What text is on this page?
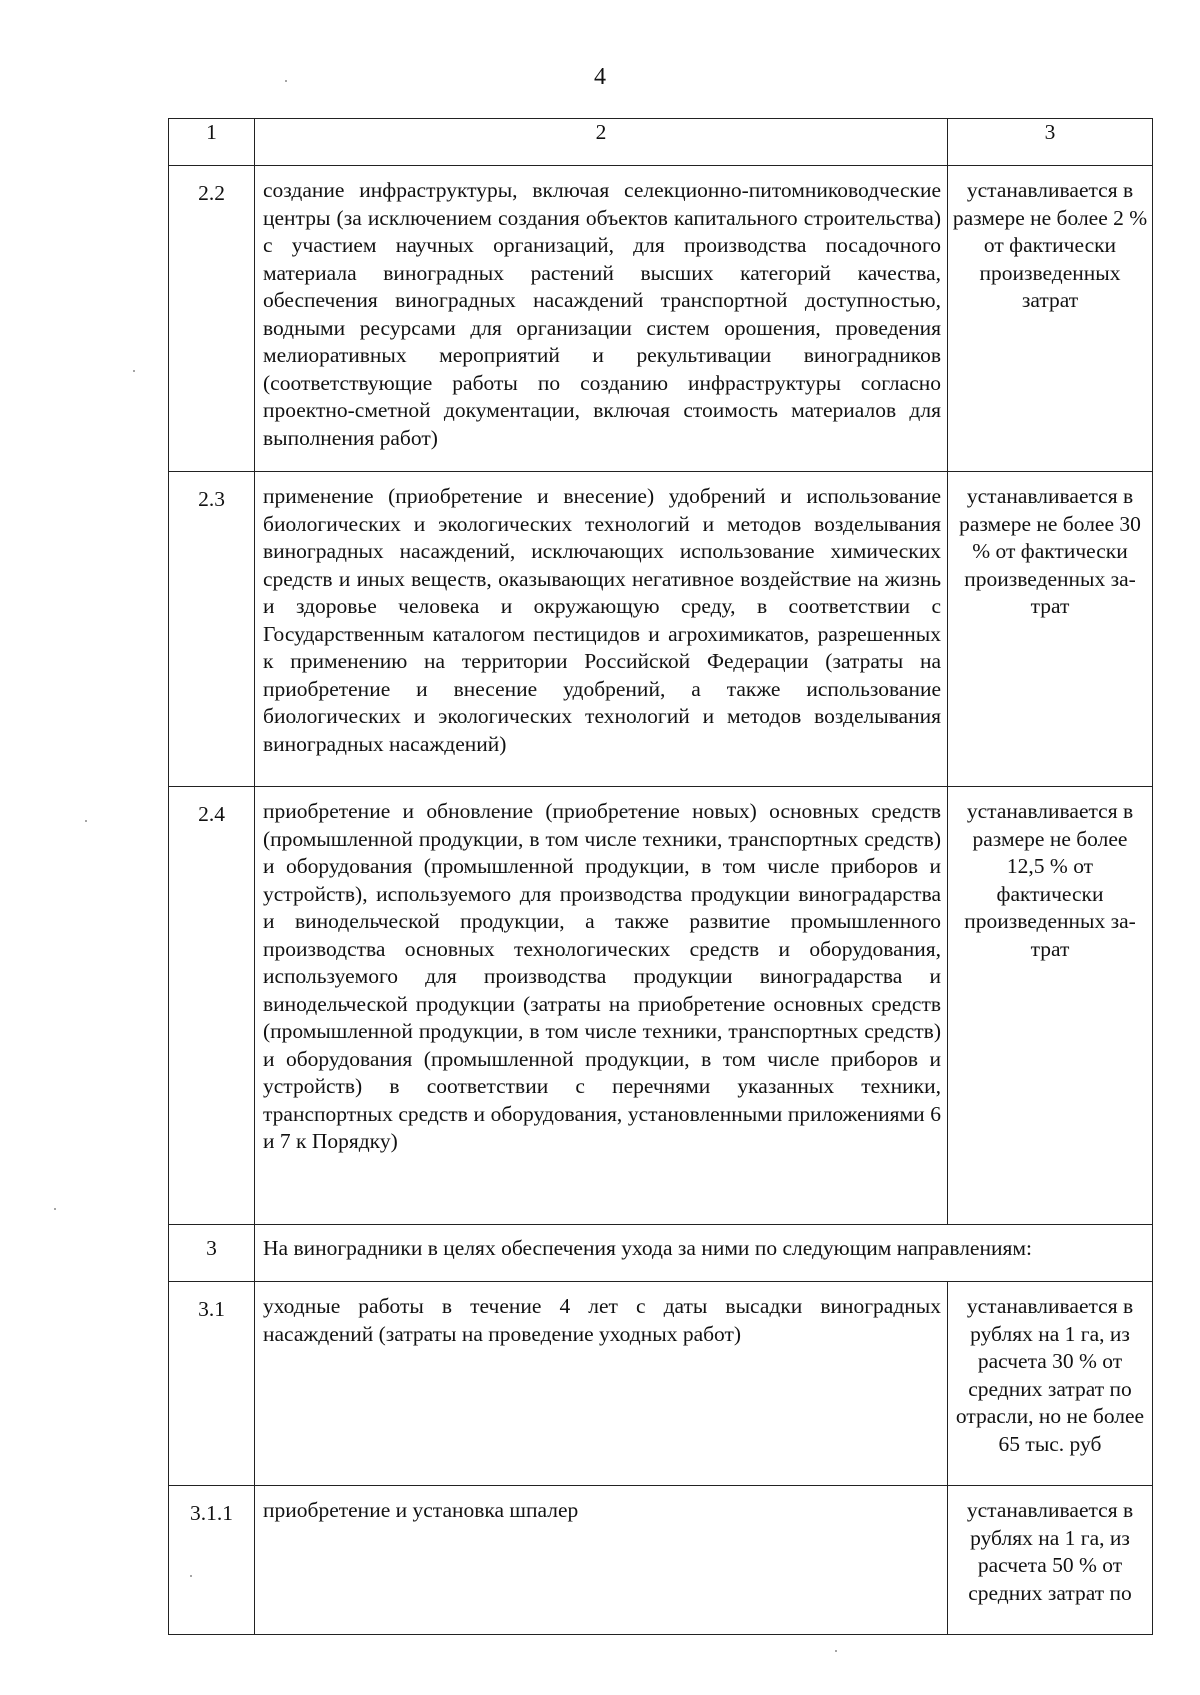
4
1	2	3
2.2	создание инфраструктуры, включая селекционно-питомниководческие центры (за исключением создания объектов капитального строительства) с участием научных организаций, для производства посадочного материала виноградных растений высших категорий качества, обеспечения виноградных насаждений транспортной доступностью, водными ресурсами для организации систем орошения, проведения мелиоративных мероприятий и рекультивации виноградников (соответствующие работы по созданию инфраструктуры согласно проектно-сметной документации, включая стоимость материалов для выполнения работ)	устанавливается в размере не более 2 % от фактически произведенных затрат
2.3	применение (приобретение и внесение) удобрений и использование биологических и экологических технологий и методов возделывания виноградных насаждений, исключающих использование химических средств и иных веществ, оказывающих негативное воздействие на жизнь и здоровье человека и окружающую среду, в соответствии с Государственным каталогом пестицидов и агрохимикатов, разрешенных к применению на территории Российской Федерации (затраты на приобретение и внесение удобрений, а также использование биологических и экологических технологий и методов возделывания виноградных насаждений)	устанавливается в размере не более 30 % от фактически произведенных затрат
2.4	приобретение и обновление (приобретение новых) основных средств (промышленной продукции, в том числе техники, транспортных средств) и оборудования (промышленной продукции, в том числе приборов и устройств), используемого для производства продукции виноградарства и винодельческой продукции, а также развитие промышленного производства основных технологических средств и оборудования, используемого для производства продукции виноградарства и винодельческой продукции (затраты на приобретение основных средств (промышленной продукции, в том числе техники, транспортных средств) и оборудования (промышленной продукции, в том числе приборов и устройств) в соответствии с перечнями указанных техники, транспортных средств и оборудования, установленными приложениями 6 и 7 к Порядку)	устанавливается в размере не более 12,5 % от фактически произведенных затрат
3	На виноградники в целях обеспечения ухода за ними по следующим направлениям:	
3.1	уходные работы в течение 4 лет с даты высадки виноградных насаждений (затраты на проведение уходных работ)	устанавливается в рублях на 1 га, из расчета 30 % от средних затрат по отрасли, но не более 65 тыс. руб
3.1.1	приобретение и установка шпалер	устанавливается в рублях на 1 га, из расчета 50 % от средних затрат по
